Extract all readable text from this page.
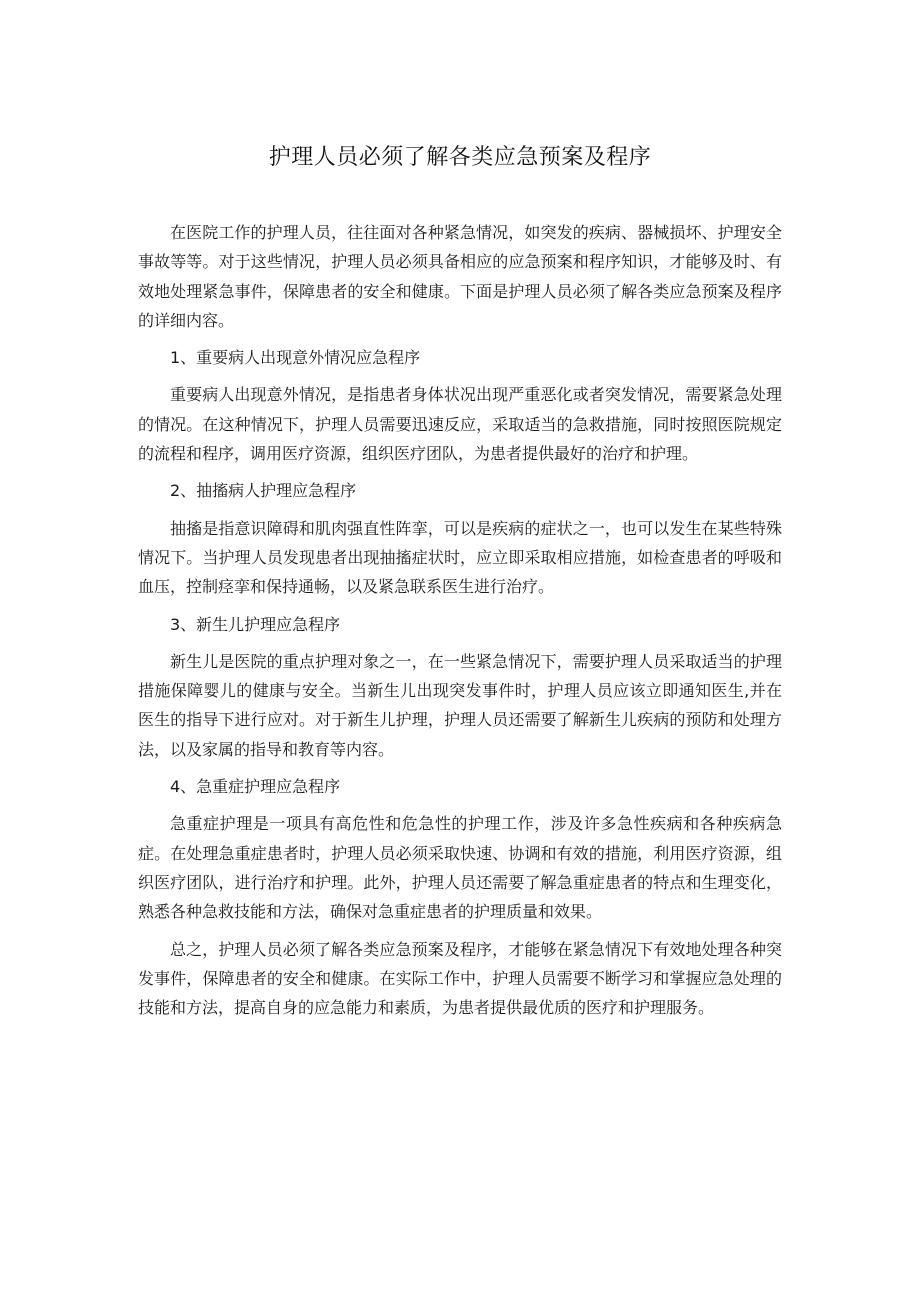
护理人员必须了解各类应急预案及程序

在医院工作的护理人员，往往面对各种紧急情况，如突发的疾病、器械损坏、护理安全事故等等。对于这些情况，护理人员必须具备相应的应急预案和程序知识，才能够及时、有效地处理紧急事件，保障患者的安全和健康。下面是护理人员必须了解各类应急预案及程序的详细内容。

1、重要病人出现意外情况应急程序

重要病人出现意外情况，是指患者身体状况出现严重恶化或者突发情况，需要紧急处理的情况。在这种情况下，护理人员需要迅速反应，采取适当的急救措施，同时按照医院规定的流程和程序，调用医疗资源，组织医疗团队，为患者提供最好的治疗和护理。

2、抽搐病人护理应急程序

抽搐是指意识障碍和肌肉强直性阵挛，可以是疾病的症状之一，也可以发生在某些特殊情况下。当护理人员发现患者出现抽搐症状时，应立即采取相应措施，如检查患者的呼吸和血压，控制痉挛和保持通畅，以及紧急联系医生进行治疗。

3、新生儿护理应急程序

新生儿是医院的重点护理对象之一，在一些紧急情况下，需要护理人员采取适当的护理措施保障婴儿的健康与安全。当新生儿出现突发事件时，护理人员应该立即通知医生,并在医生的指导下进行应对。对于新生儿护理，护理人员还需要了解新生儿疾病的预防和处理方法，以及家属的指导和教育等内容。

4、急重症护理应急程序

急重症护理是一项具有高危性和危急性的护理工作，涉及许多急性疾病和各种疾病急症。在处理急重症患者时，护理人员必须采取快速、协调和有效的措施，利用医疗资源，组织医疗团队，进行治疗和护理。此外，护理人员还需要了解急重症患者的特点和生理变化，熟悉各种急救技能和方法，确保对急重症患者的护理质量和效果。

总之，护理人员必须了解各类应急预案及程序，才能够在紧急情况下有效地处理各种突发事件，保障患者的安全和健康。在实际工作中，护理人员需要不断学习和掌握应急处理的技能和方法，提高自身的应急能力和素质，为患者提供最优质的医疗和护理服务。
